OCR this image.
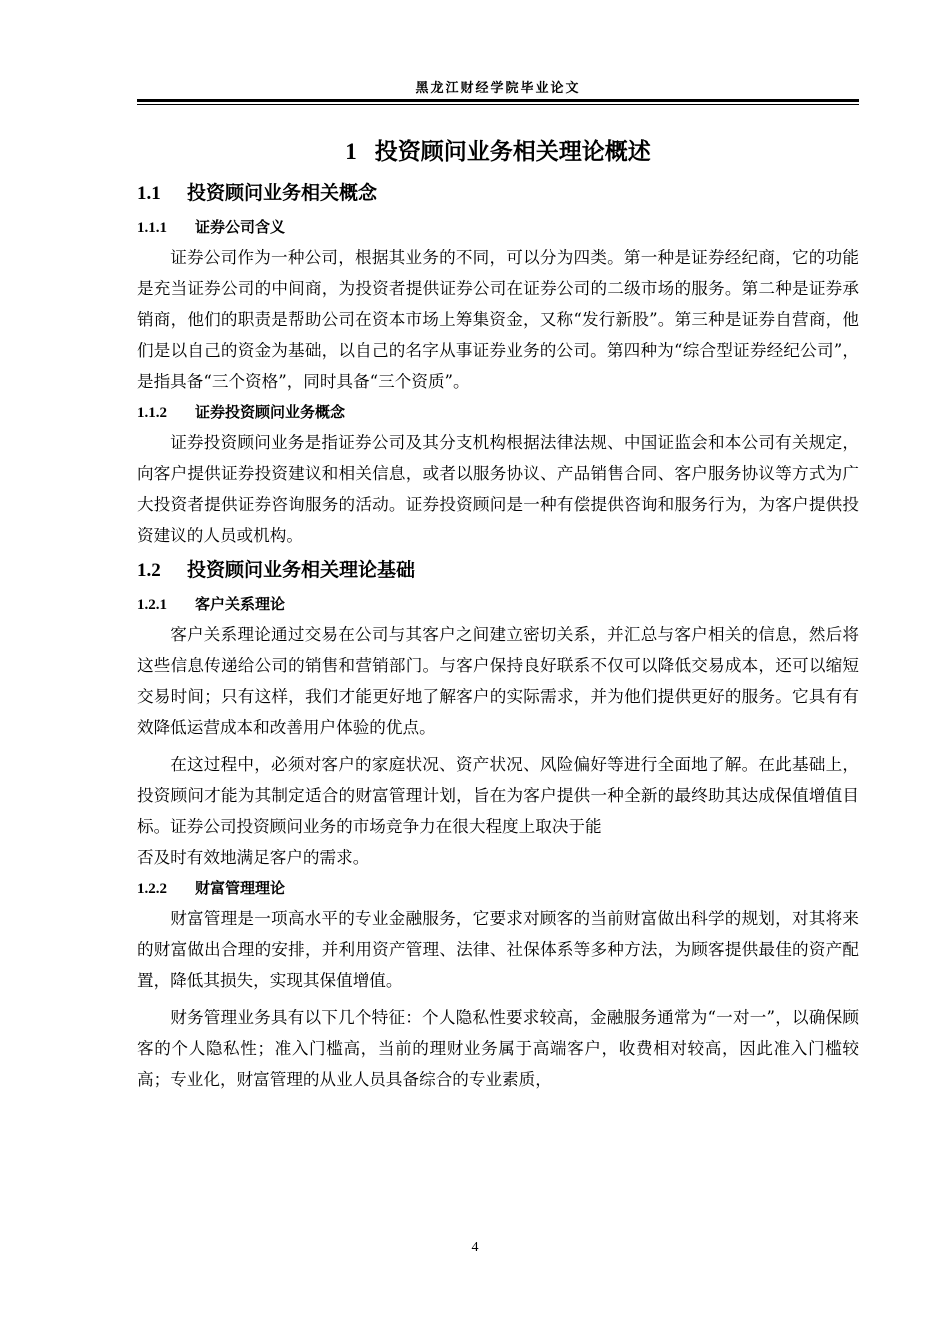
黑龙江财经学院毕业论文
1 投资顾问业务相关理论概述
1.1 投资顾问业务相关概念
1.1.1 证券公司含义

证券公司作为一种公司，根据其业务的不同，可以分为四类。第一种是证券经纪商，它的功能是充当证券公司的中间商，为投资者提供证券公司在证券公司的二级市场的服务。第二种是证券承销商，他们的职责是帮助公司在资本市场上筹集资金，又称“发行新股”。第三种是证券自营商，他们是以自己的资金为基础，以自己的名字从事证券业务的公司。第四种为“综合型证券经纪公司”，是指具备“三个资格”，同时具备“三个资质”。

1.1.2 证券投资顾问业务概念

证券投资顾问业务是指证券公司及其分支机构根据法律法规、中国证监会和本公司有关规定，向客户提供证券投资建议和相关信息，或者以服务协议、产品销售合同、客户服务协议等方式为广大投资者提供证券咨询服务的活动。证券投资顾问是一种有偿提供咨询和服务行为，为客户提供投资建议的人员或机构。

1.2 投资顾问业务相关理论基础
1.2.1 客户关系理论

客户关系理论通过交易在公司与其客户之间建立密切关系，并汇总与客户相关的信息，然后将这些信息传递给公司的销售和营销部门。与客户保持良好联系不仅可以降低交易成本，还可以缩短交易时间；只有这样，我们才能更好地了解客户的实际需求，并为他们提供更好的服务。它具有有效降低运营成本和改善用户体验的优点。

在这过程中，必须对客户的家庭状况、资产状况、风险偏好等进行全面地了解。在此基础上，投资顾问才能为其制定适合的财富管理计划，旨在为客户提供一种全新的最终助其达成保值增值目标。证券公司投资顾问业务的市场竞争力在很大程度上取决于能

否及时有效地满足客户的需求。

1.2.2 财富管理理论

财富管理是一项高水平的专业金融服务，它要求对顾客的当前财富做出科学的规划，对其将来的财富做出合理的安排，并利用资产管理、法律、社保体系等多种方法，为顾客提供最佳的资产配置，降低其损失，实现其保值增值。

财务管理业务具有以下几个特征：个人隐私性要求较高，金融服务通常为“一对一”，以确保顾客的个人隐私性；准入门槛高，当前的理财业务属于高端客户，收费相对较高，因此准入门槛较高；专业化，财富管理的从业人员具备综合的专业素质，

4
